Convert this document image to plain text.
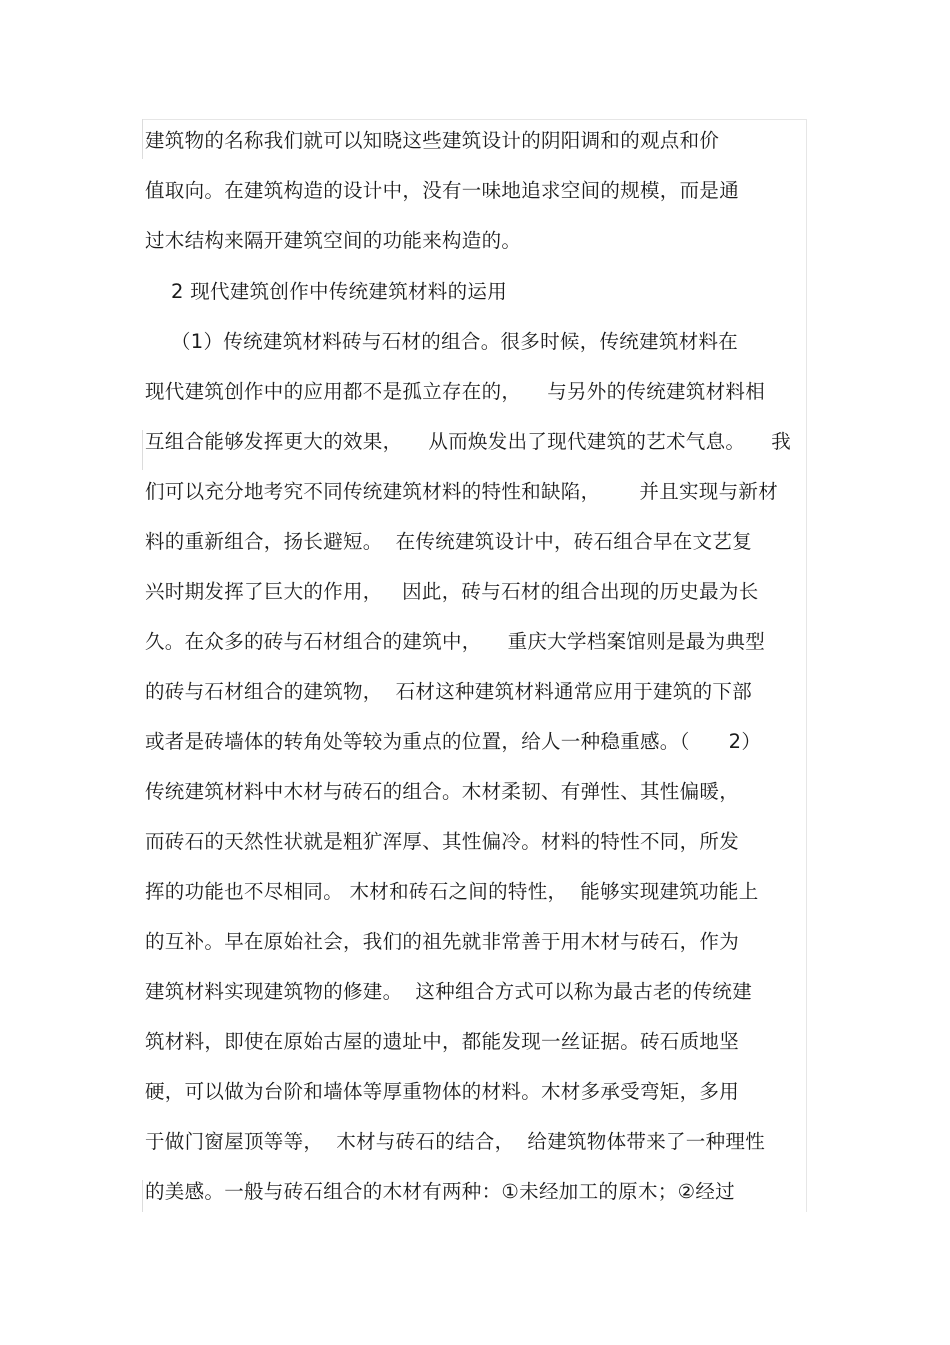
建筑物的名称我们就可以知晓这些建筑设计的阴阳调和的观点和价
值取向。在建筑构造的设计中，没有一味地追求空间的规模，而是通
过木结构来隔开建筑空间的功能来构造的。
2 现代建筑创作中传统建筑材料的运用
（1）传统建筑材料砖与石材的组合。很多时候，传统建筑材料在
现代建筑创作中的应用都不是孤立存在的，    与另外的传统建筑材料相
互组合能够发挥更大的效果，    从而焕发出了现代建筑的艺术气息。    我
们可以充分地考究不同传统建筑材料的特性和缺陷，      并且实现与新材
料的重新组合，扬长避短。  在传统建筑设计中，砖石组合早在文艺复
兴时期发挥了巨大的作用，   因此，砖与石材的组合出现的历史最为长
久。在众多的砖与石材组合的建筑中，    重庆大学档案馆则是最为典型
的砖与石材组合的建筑物，  石材这种建筑材料通常应用于建筑的下部
或者是砖墙体的转角处等较为重点的位置，给人一种稳重感。（      2）
传统建筑材料中木材与砖石的组合。木材柔韧、有弹性、其性偏暖，
而砖石的天然性状就是粗犷浑厚、其性偏冷。材料的特性不同，所发
挥的功能也不尽相同。 木材和砖石之间的特性，  能够实现建筑功能上
的互补。早在原始社会，我们的祖先就非常善于用木材与砖石，作为
建筑材料实现建筑物的修建。  这种组合方式可以称为最古老的传统建
筑材料，即使在原始古屋的遗址中，都能发现一丝证据。砖石质地坚
硬，可以做为台阶和墙体等厚重物体的材料。木材多承受弯矩，多用
于做门窗屋顶等等，  木材与砖石的结合，  给建筑物体带来了一种理性
的美感。一般与砖石组合的木材有两种：①未经加工的原木；②经过
